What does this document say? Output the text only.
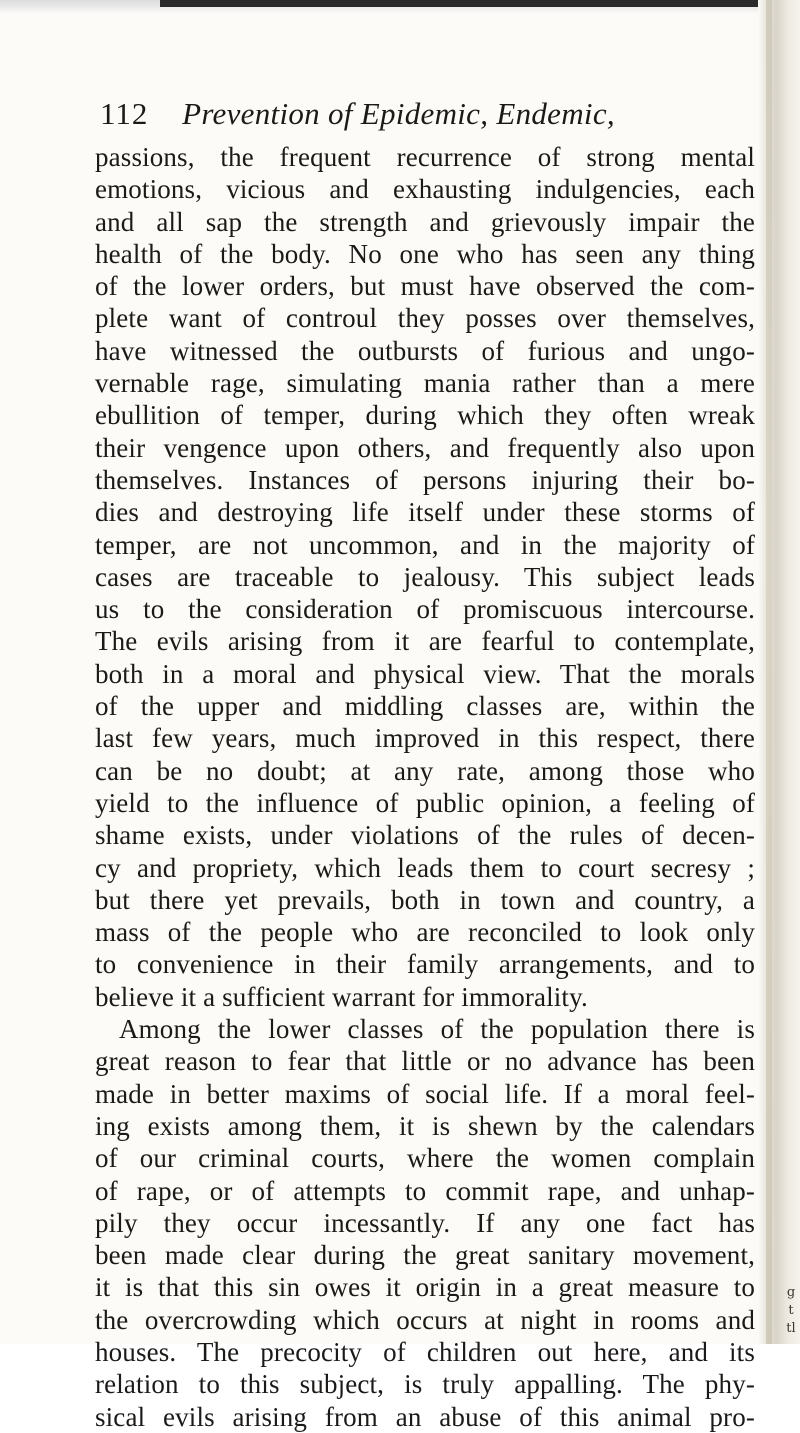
112 Prevention of Epidemic, Endemic,
passions, the frequent recurrence of strong mental
emotions, vicious and exhausting indulgencies, each
and all sap the strength and grievously impair the
health of the body. No one who has seen any thing
of the lower orders, but must have observed the com-
plete want of controul they posses over themselves,
have witnessed the outbursts of furious and ungo-
vernable rage, simulating mania rather than a mere
ebullition of temper, during which they often wreak
their vengence upon others, and frequently also upon
themselves. Instances of persons injuring their bo-
dies and destroying life itself under these storms of
temper, are not uncommon, and in the majority of
cases are traceable to jealousy. This subject leads
us to the consideration of promiscuous intercourse.
The evils arising from it are fearful to contemplate,
both in a moral and physical view. That the morals
of the upper and middling classes are, within the
last few years, much improved in this respect, there
can be no doubt; at any rate, among those who
yield to the influence of public opinion, a feeling of
shame exists, under violations of the rules of decen-
cy and propriety, which leads them to court secresy ;
but there yet prevails, both in town and country, a
mass of the people who are reconciled to look only
to convenience in their family arrangements, and to
believe it a sufficient warrant for immorality.
Among the lower classes of the population there is
great reason to fear that little or no advance has been
made in better maxims of social life. If a moral feel-
ing exists among them, it is shewn by the calendars
of our criminal courts, where the women complain
of rape, or of attempts to commit rape, and unhap-
pily they occur incessantly. If any one fact has
been made clear during the great sanitary movement,
it is that this sin owes it origin in a great measure to
the overcrowding which occurs at night in rooms and
houses. The precocity of children out here, and its
relation to this subject, is truly appalling. The phy-
sical evils arising from an abuse of this animal pro-
g
t
tl
